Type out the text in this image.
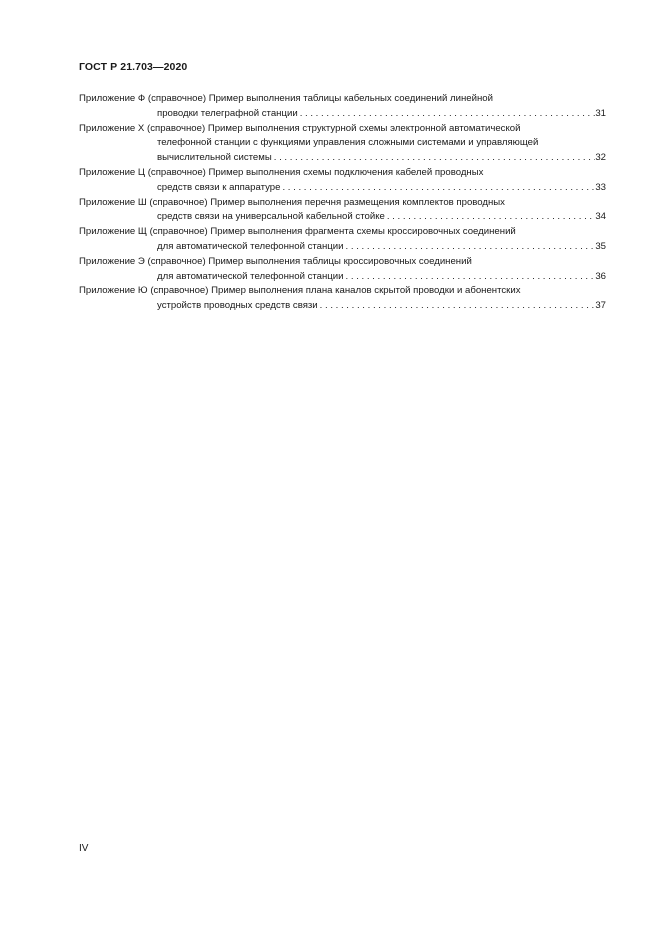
ГОСТ Р 21.703—2020
Приложение Ф (справочное) Пример выполнения таблицы кабельных соединений линейной
проводки телеграфной станции . . .	31
Приложение Х (справочное) Пример выполнения структурной схемы электронной автоматической
телефонной станции с функциями управления сложными системами и управляющей
вычислительной системы . . .	32
Приложение Ц (справочное) Пример выполнения схемы подключения кабелей проводных
средств связи к аппаратуре . . .	33
Приложение Ш (справочное) Пример выполнения перечня размещения комплектов проводных
средств связи на универсальной кабельной стойке . . .	34
Приложение Щ (справочное) Пример выполнения фрагмента схемы кроссировочных соединений
для автоматической телефонной станции . . .	35
Приложение Э (справочное) Пример выполнения таблицы кроссировочных соединений
для автоматической телефонной станции . . .	36
Приложение Ю (справочное) Пример выполнения плана каналов скрытой проводки и абонентских
устройств проводных средств связи . . .	37
IV
